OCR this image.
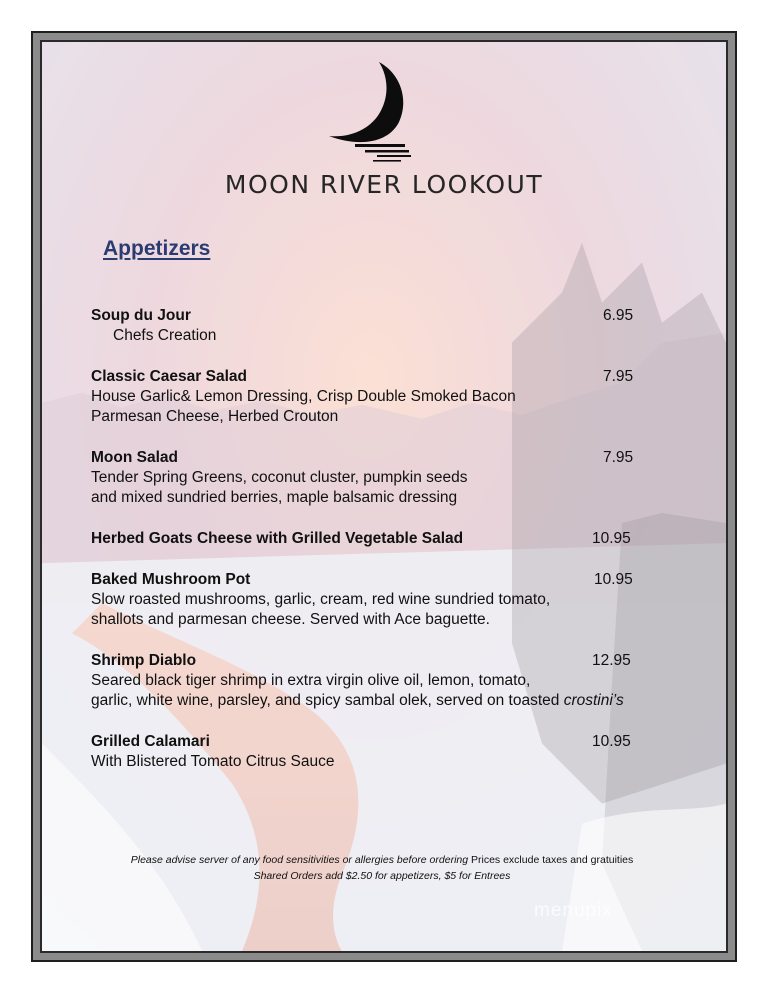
MOON RIVER LOOKOUT
Appetizers
Soup du Jour	6.95
Chefs Creation
Classic Caesar Salad	7.95
House Garlic& Lemon Dressing, Crisp Double Smoked Bacon
Parmesan Cheese, Herbed Crouton
Moon Salad	7.95
Tender Spring Greens, coconut cluster, pumpkin seeds
and mixed sundried berries, maple balsamic dressing
Herbed Goats Cheese with Grilled Vegetable Salad	10.95
Baked Mushroom Pot	10.95
Slow roasted mushrooms, garlic, cream, red wine sundried tomato,
shallots and parmesan cheese. Served with Ace baguette.
Shrimp Diablo	12.95
Seared black tiger shrimp in extra virgin olive oil, lemon, tomato,
garlic, white wine, parsley, and spicy sambal olek, served on toasted crostini’s
Grilled Calamari	10.95
With Blistered Tomato Citrus Sauce
Please advise server of any food sensitivities or allergies before ordering Prices exclude taxes and gratuities
Shared Orders add $2.50 for appetizers, $5 for Entrees
menupix
